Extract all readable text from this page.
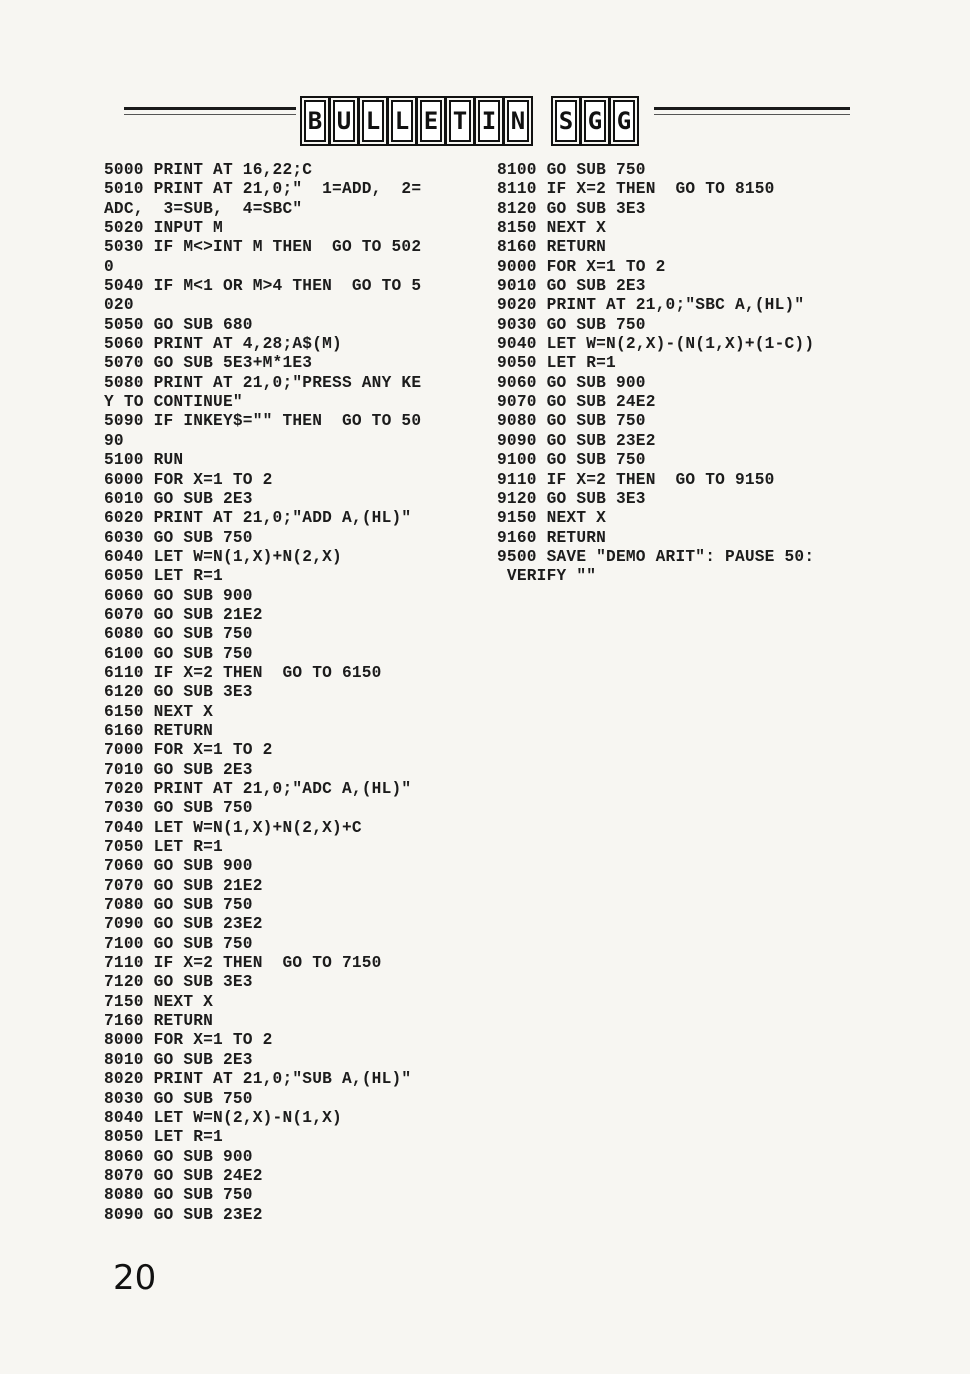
B U L L E T I N S G G
5000 PRINT AT 16,22;C
5010 PRINT AT 21,0;"  1=ADD,  2=
ADC,  3=SUB,  4=SBC"
5020 INPUT M
5030 IF M<>INT M THEN  GO TO 502
0
5040 IF M<1 OR M>4 THEN  GO TO 5
020
5050 GO SUB 680
5060 PRINT AT 4,28;A$(M)
5070 GO SUB 5E3+M*1E3
5080 PRINT AT 21,0;"PRESS ANY KE
Y TO CONTINUE"
5090 IF INKEY$="" THEN  GO TO 50
90
5100 RUN
6000 FOR X=1 TO 2
6010 GO SUB 2E3
6020 PRINT AT 21,0;"ADD A,(HL)"
6030 GO SUB 750
6040 LET W=N(1,X)+N(2,X)
6050 LET R=1
6060 GO SUB 900
6070 GO SUB 21E2
6080 GO SUB 750
6100 GO SUB 750
6110 IF X=2 THEN  GO TO 6150
6120 GO SUB 3E3
6150 NEXT X
6160 RETURN
7000 FOR X=1 TO 2
7010 GO SUB 2E3
7020 PRINT AT 21,0;"ADC A,(HL)"
7030 GO SUB 750
7040 LET W=N(1,X)+N(2,X)+C
7050 LET R=1
7060 GO SUB 900
7070 GO SUB 21E2
7080 GO SUB 750
7090 GO SUB 23E2
7100 GO SUB 750
7110 IF X=2 THEN  GO TO 7150
7120 GO SUB 3E3
7150 NEXT X
7160 RETURN
8000 FOR X=1 TO 2
8010 GO SUB 2E3
8020 PRINT AT 21,0;"SUB A,(HL)"
8030 GO SUB 750
8040 LET W=N(2,X)-N(1,X)
8050 LET R=1
8060 GO SUB 900
8070 GO SUB 24E2
8080 GO SUB 750
8090 GO SUB 23E2
8100 GO SUB 750
8110 IF X=2 THEN  GO TO 8150
8120 GO SUB 3E3
8150 NEXT X
8160 RETURN
9000 FOR X=1 TO 2
9010 GO SUB 2E3
9020 PRINT AT 21,0;"SBC A,(HL)"
9030 GO SUB 750
9040 LET W=N(2,X)-(N(1,X)+(1-C))
9050 LET R=1
9060 GO SUB 900
9070 GO SUB 24E2
9080 GO SUB 750
9090 GO SUB 23E2
9100 GO SUB 750
9110 IF X=2 THEN  GO TO 9150
9120 GO SUB 3E3
9150 NEXT X
9160 RETURN
9500 SAVE "DEMO ARIT": PAUSE 50:
VERIFY ""
20
